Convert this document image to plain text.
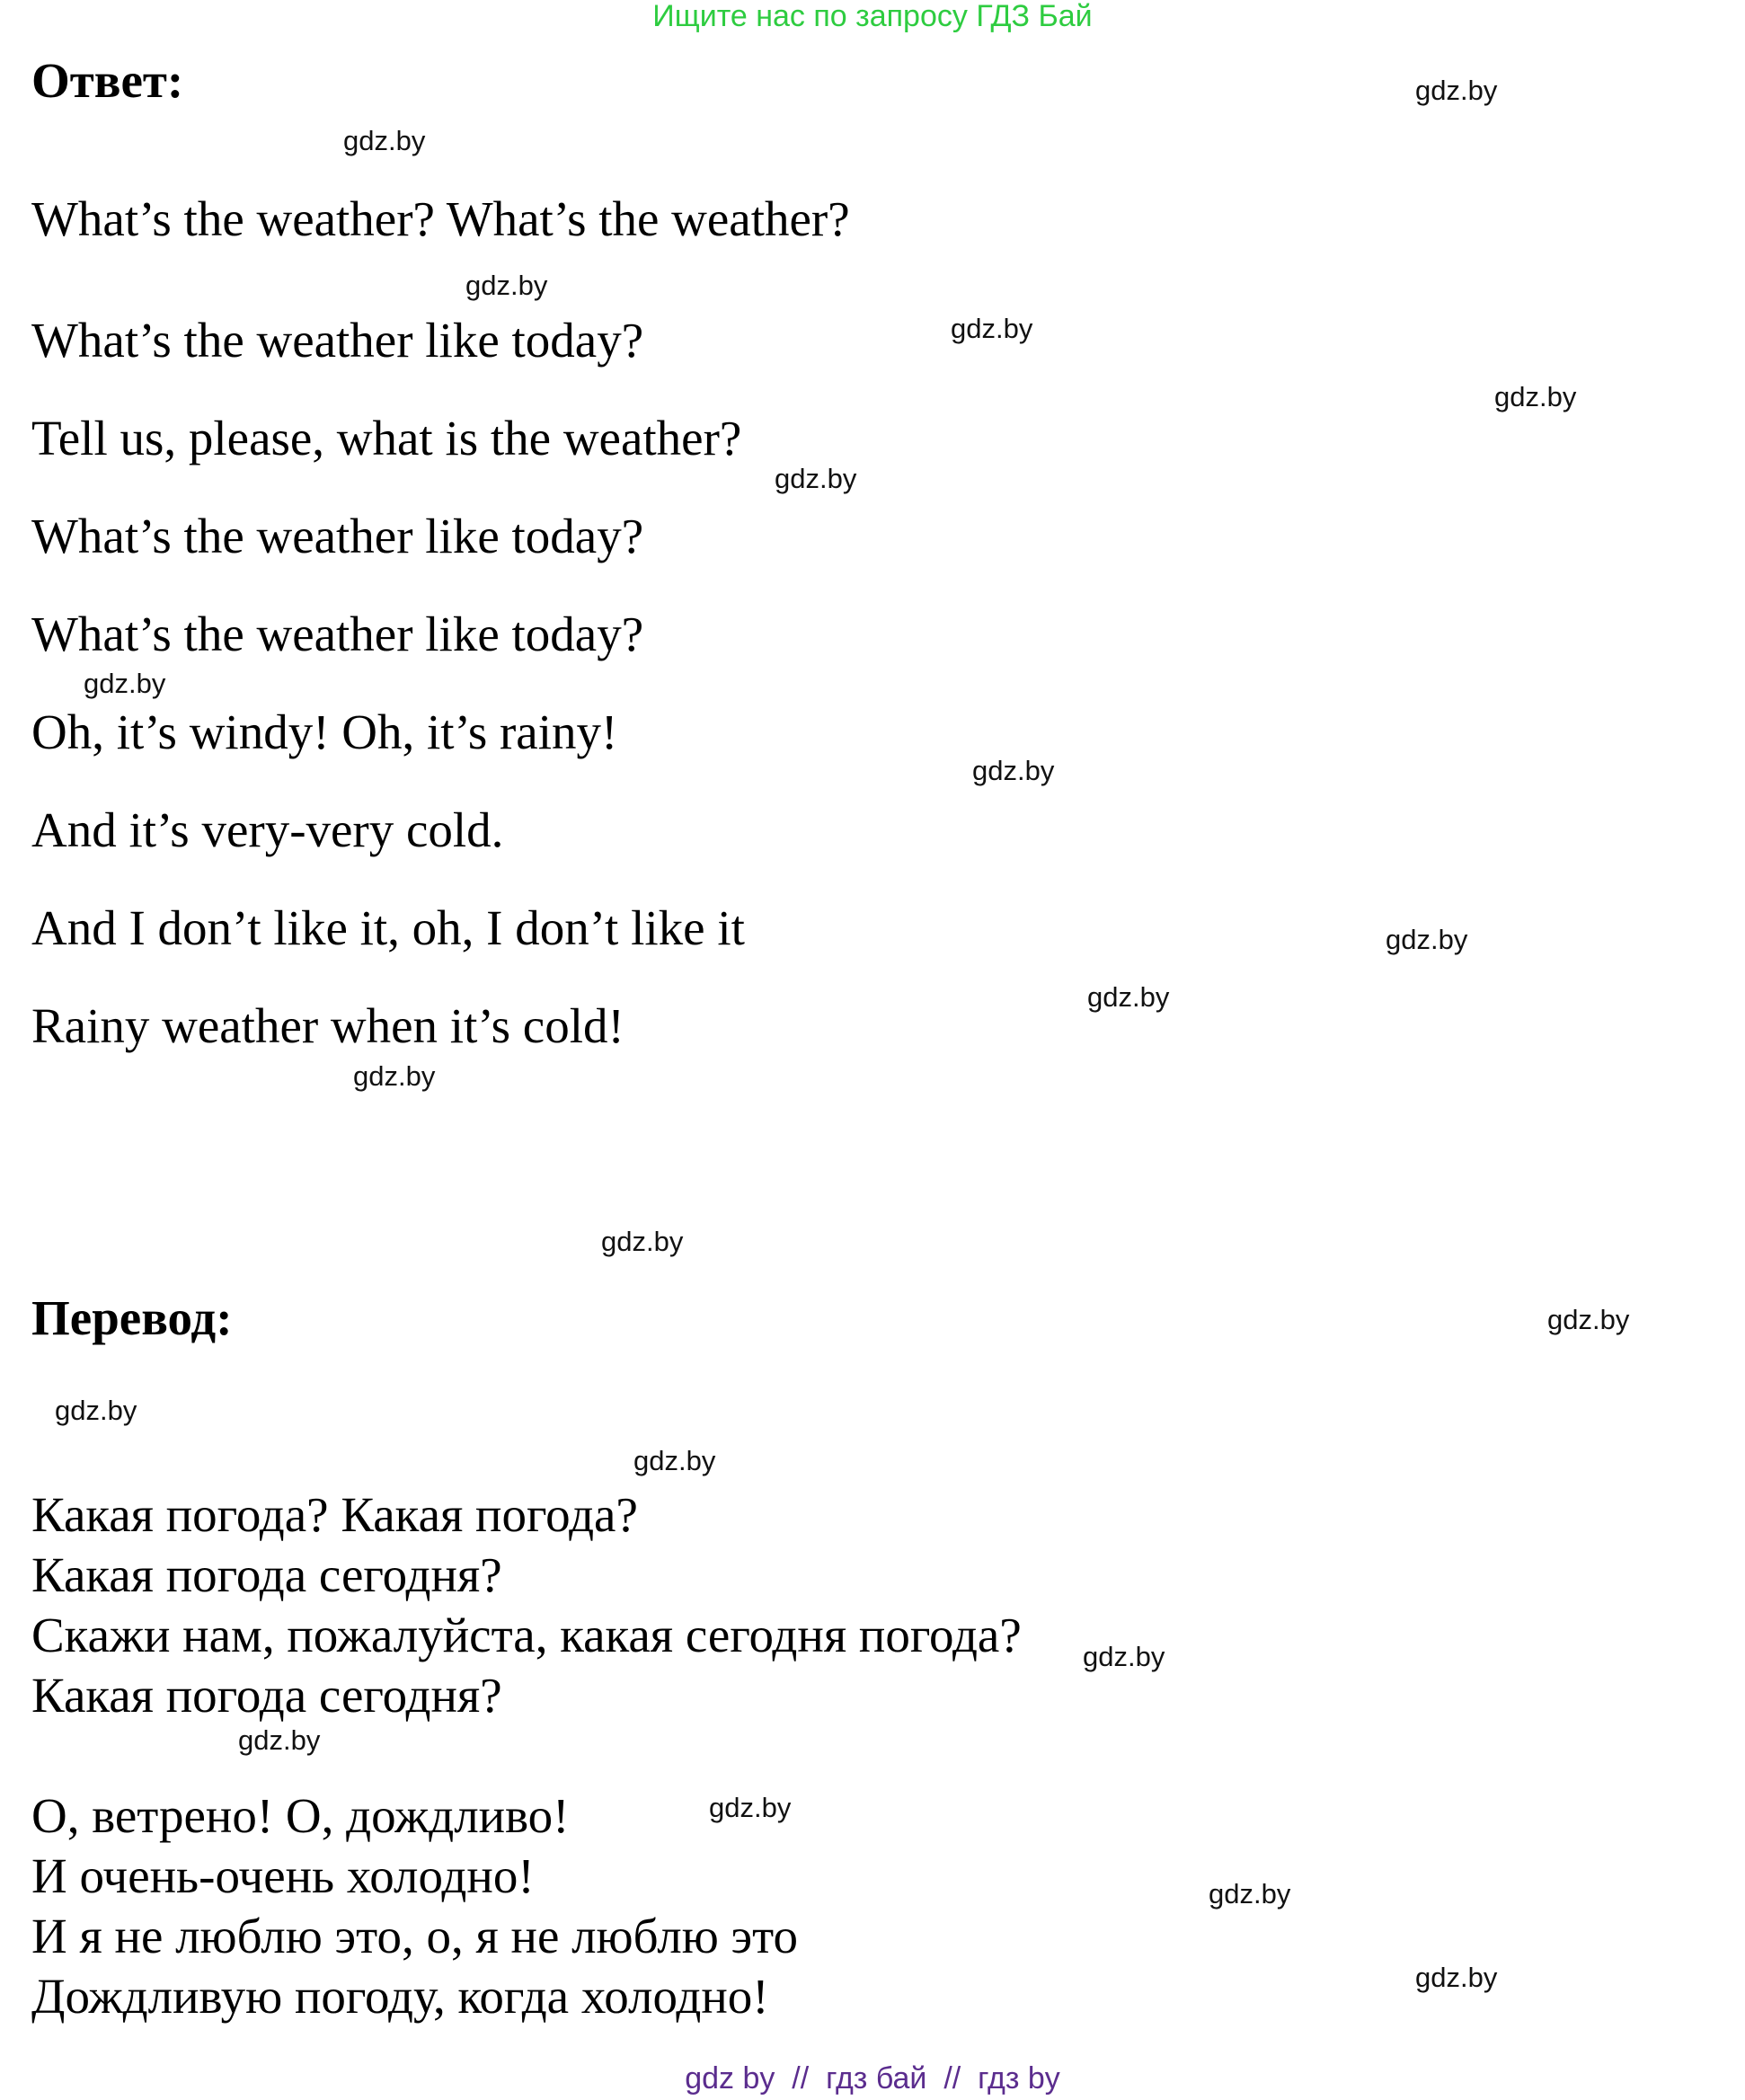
Ищите нас по запросу ГДЗ Бай
Ответ:
What’s the weather? What’s the weather?
What’s the weather like today?
Tell us, please, what is the weather?
What’s the weather like today?
What’s the weather like today?
Oh, it’s windy! Oh, it’s rainy!
And it’s very-very cold.
And I don’t like it, oh, I don’t like it
Rainy weather when it’s cold!
Перевод:
Какая погода? Какая погода?
Какая погода сегодня?
Скажи нам, пожалуйста, какая сегодня погода?
Какая погода сегодня?
О, ветрено! О, дождливо!
И очень-очень холодно!
И я не люблю это, о, я не люблю это
Дождливую погоду, когда холодно!
gdz.by
gdz.by
gdz.by
gdz.by
gdz.by
gdz.by
gdz.by
gdz.by
gdz.by
gdz.by
gdz.by
gdz.by
gdz.by
gdz.by
gdz.by
gdz.by
gdz.by
gdz.by
gdz.by
gdz.by
gdz by  //  гдз бай  //  гдз by
